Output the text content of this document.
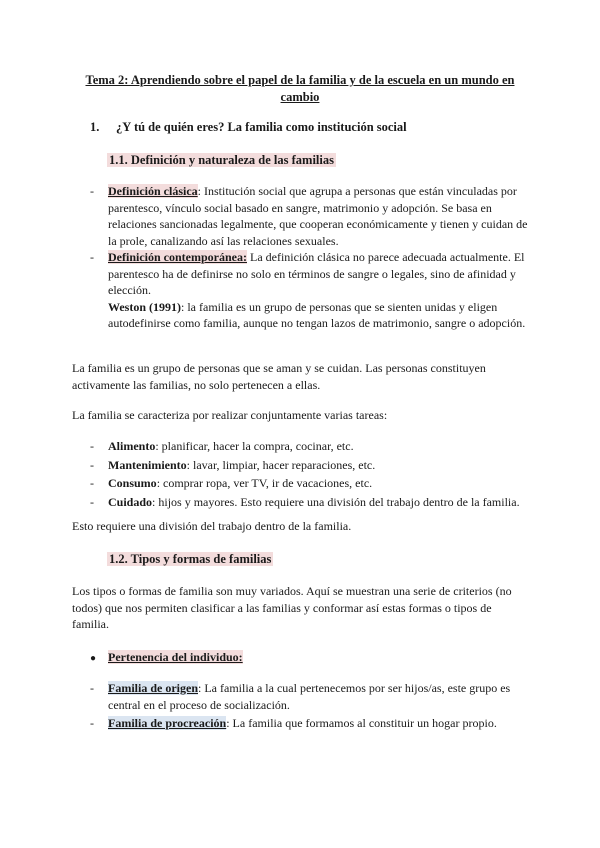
Tema 2: Aprendiendo sobre el papel de la familia y de la escuela en un mundo en cambio
1. ¿Y tú de quién eres? La familia como institución social
1.1. Definición y naturaleza de las familias
- Definición clásica: Institución social que agrupa a personas que están vinculadas por parentesco, vínculo social basado en sangre, matrimonio y adopción. Se basa en relaciones sancionadas legalmente, que cooperan económicamente y tienen y cuidan de la prole, canalizando así las relaciones sexuales.
- Definición contemporánea: La definición clásica no parece adecuada actualmente. El parentesco ha de definirse no solo en términos de sangre o legales, sino de afinidad y elección.
Weston (1991): la familia es un grupo de personas que se sienten unidas y eligen autodefinirse como familia, aunque no tengan lazos de matrimonio, sangre o adopción.
La familia es un grupo de personas que se aman y se cuidan. Las personas constituyen activamente las familias, no solo pertenecen a ellas.
La familia se caracteriza por realizar conjuntamente varias tareas:
- Alimento: planificar, hacer la compra, cocinar, etc.
- Mantenimiento: lavar, limpiar, hacer reparaciones, etc.
- Consumo: comprar ropa, ver TV, ir de vacaciones, etc.
- Cuidado: hijos y mayores. Esto requiere una división del trabajo dentro de la familia.
Esto requiere una división del trabajo dentro de la familia.
1.2. Tipos y formas de familias
Los tipos o formas de familia son muy variados. Aquí se muestran una serie de criterios (no todos) que nos permiten clasificar a las familias y conformar así estas formas o tipos de familia.
● Pertenencia del individuo:
- Familia de origen: La familia a la cual pertenecemos por ser hijos/as, este grupo es central en el proceso de socialización.
- Familia de procreación: La familia que formamos al constituir un hogar propio.
